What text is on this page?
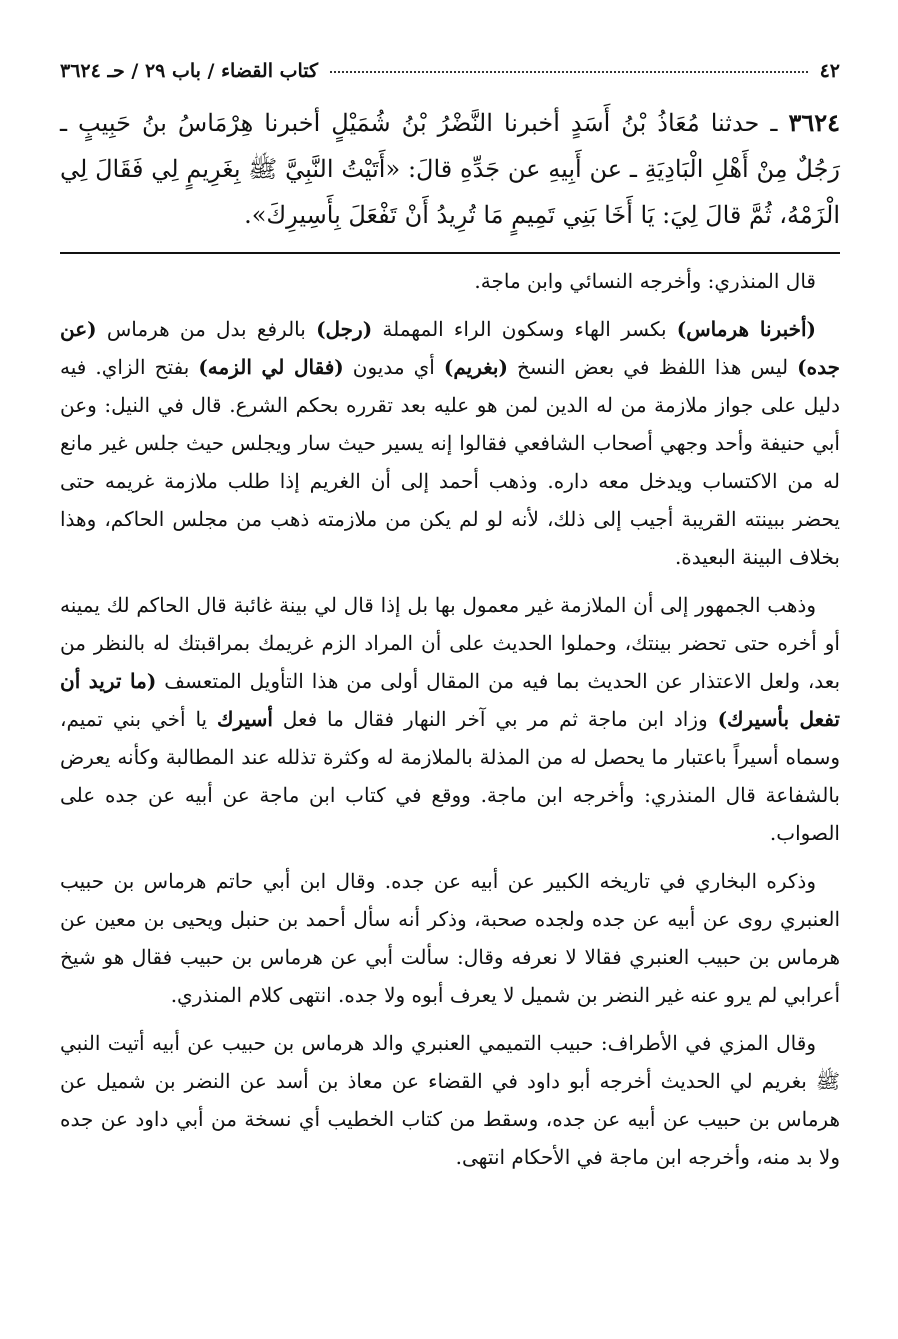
٤٢
كتاب القضاء / باب ٢٩ / حـ ٣٦٢٤
٣٦٢٤ ـ حدثنا مُعَاذُ بْنُ أَسَدٍ أخبرنا النَّضْرُ بْنُ شُمَيْلٍ أخبرنا هِرْمَاسُ بنُ حَبِيبٍ ـ رَجُلٌ مِنْ أَهْلِ الْبَادِيَةِ ـ عن أَبِيهِ عن جَدِّهِ قالَ: «أَتَيْتُ النَّبِيَّ ﷺ بِغَرِيمٍ لِي فَقَالَ لِي الْزَمْهُ، ثُمَّ قالَ لِيَ: يَا أَخَا بَنِي تَمِيمٍ مَا تُرِيدُ أَنْ تَفْعَلَ بِأَسِيرِكَ».

قال المنذري: وأخرجه النسائي وابن ماجة.

(أخبرنا هرماس) بكسر الهاء وسكون الراء المهملة (رجل) بالرفع بدل من هرماس (عن جده) ليس هذا اللفظ في بعض النسخ (بغريم) أي مديون (فقال لي الزمه) بفتح الزاي. فيه دليل على جواز ملازمة من له الدين لمن هو عليه بعد تقرره بحكم الشرع. قال في النيل: وعن أبي حنيفة وأحد وجهي أصحاب الشافعي فقالوا إنه يسير حيث سار ويجلس حيث جلس غير مانع له من الاكتساب ويدخل معه داره. وذهب أحمد إلى أن الغريم إذا طلب ملازمة غريمه حتى يحضر ببينته القريبة أجيب إلى ذلك، لأنه لو لم يكن من ملازمته ذهب من مجلس الحاكم، وهذا بخلاف البينة البعيدة.

وذهب الجمهور إلى أن الملازمة غير معمول بها بل إذا قال لي بينة غائبة قال الحاكم لك يمينه أو أخره حتى تحضر بينتك، وحملوا الحديث على أن المراد الزم غريمك بمراقبتك له بالنظر من بعد، ولعل الاعتذار عن الحديث بما فيه من المقال أولى من هذا التأويل المتعسف (ما تريد أن تفعل بأسيرك) وزاد ابن ماجة ثم مر بي آخر النهار فقال ما فعل أسيرك يا أخي بني تميم، وسماه أسيراً باعتبار ما يحصل له من المذلة بالملازمة له وكثرة تذلله عند المطالبة وكأنه يعرض بالشفاعة قال المنذري: وأخرجه ابن ماجة. ووقع في كتاب ابن ماجة عن أبيه عن جده على الصواب.

وذكره البخاري في تاريخه الكبير عن أبيه عن جده. وقال ابن أبي حاتم هرماس بن حبيب العنبري روى عن أبيه عن جده ولجده صحبة، وذكر أنه سأل أحمد بن حنبل ويحيى بن معين عن هرماس بن حبيب العنبري فقالا لا نعرفه وقال: سألت أبي عن هرماس بن حبيب فقال هو شيخ أعرابي لم يرو عنه غير النضر بن شميل لا يعرف أبوه ولا جده. انتهى كلام المنذري.

وقال المزي في الأطراف: حبيب التميمي العنبري والد هرماس بن حبيب عن أبيه أتيت النبي ﷺ بغريم لي الحديث أخرجه أبو داود في القضاء عن معاذ بن أسد عن النضر بن شميل عن هرماس بن حبيب عن أبيه عن جده، وسقط من كتاب الخطيب أي نسخة من أبي داود عن جده ولا بد منه، وأخرجه ابن ماجة في الأحكام انتهى.
